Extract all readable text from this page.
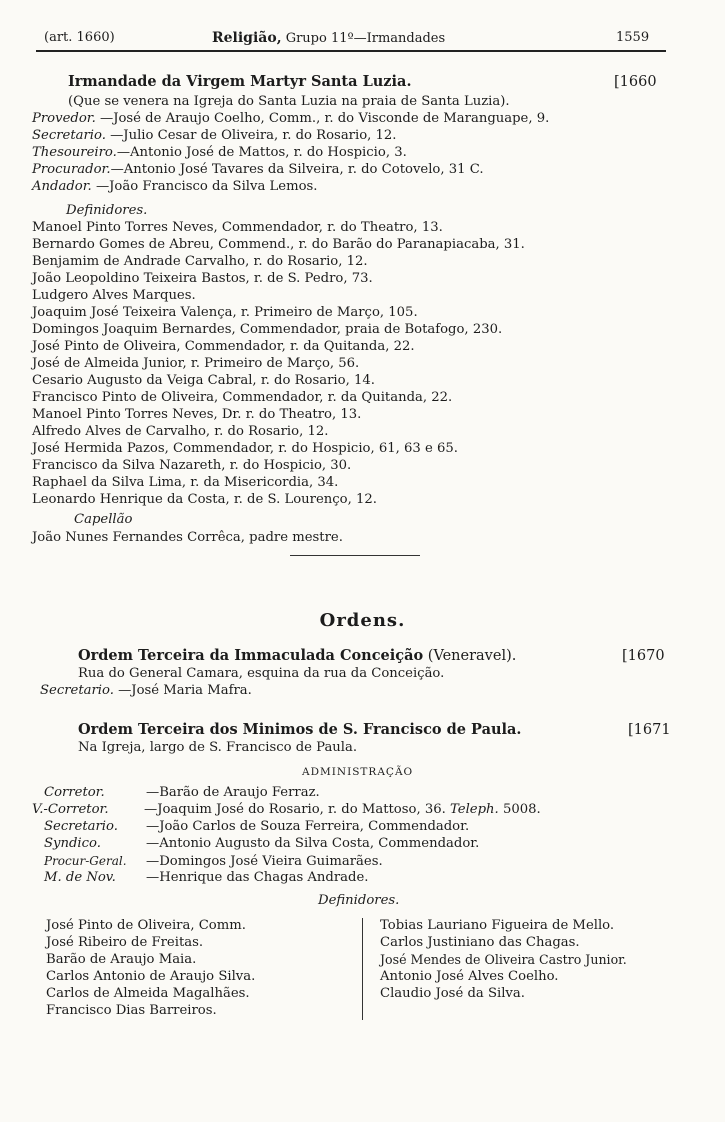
(art. 1660)	Religião, Grupo 11º—Irmandades	1559
Irmandade da Virgem Martyr Santa Luzia.	[1660
(Que se venera na Igreja do Santa Luzia na praia de Santa Luzia).
Provedor. —José de Araujo Coelho, Comm., r. do Visconde de Maranguape, 9.
Secretario. —Julio Cesar de Oliveira, r. do Rosario, 12.
Thesoureiro.—Antonio José de Mattos, r. do Hospicio, 3.
Procurador.—Antonio José Tavares da Silveira, r. do Cotovelo, 31 C.
Andador. —João Francisco da Silva Lemos.
Definidores.
Manoel Pinto Torres Neves, Commendador, r. do Theatro, 13.
Bernardo Gomes de Abreu, Commend., r. do Barão do Paranapiacaba, 31.
Benjamim de Andrade Carvalho, r. do Rosario, 12.
João Leopoldino Teixeira Bastos, r. de S. Pedro, 73.
Ludgero Alves Marques.
Joaquim José Teixeira Valença, r. Primeiro de Março, 105.
Domingos Joaquim Bernardes, Commendador, praia de Botafogo, 230.
José Pinto de Oliveira, Commendador, r. da Quitanda, 22.
José de Almeida Junior, r. Primeiro de Março, 56.
Cesario Augusto da Veiga Cabral, r. do Rosario, 14.
Francisco Pinto de Oliveira, Commendador, r. da Quitanda, 22.
Manoel Pinto Torres Neves, Dr. r. do Theatro, 13.
Alfredo Alves de Carvalho, r. do Rosario, 12.
José Hermida Pazos, Commendador, r. do Hospicio, 61, 63 e 65.
Francisco da Silva Nazareth, r. do Hospicio, 30.
Raphael da Silva Lima, r. da Misericordia, 34.
Leonardo Henrique da Costa, r. de S. Lourenço, 12.
Capellão
João Nunes Fernandes Corrêca, padre mestre.
Ordens.
Ordem Terceira da Immaculada Conceição (Veneravel).	[1670
Rua do General Camara, esquina da rua da Conceição.
Secretario. —José Maria Mafra.
Ordem Terceira dos Minimos de S. Francisco de Paula.	[1671
Na Igreja, largo de S. Francisco de Paula.
ADMINISTRAÇÃO
Corretor.	—Barão de Araujo Ferraz.
V.-Corretor.	—Joaquim José do Rosario, r. do Mattoso, 36. Teleph. 5008.
Secretario. —João Carlos de Souza Ferreira, Commendador.
Syndico.	—Antonio Augusto da Silva Costa, Commendador.
Procur-Geral. —Domingos José Vieira Guimarães.
M. de Nov. —Henrique das Chagas Andrade.
Definidores.
José Pinto de Oliveira, Comm.
José Ribeiro de Freitas.
Barão de Araujo Maia.
Carlos Antonio de Araujo Silva.
Carlos de Almeida Magalhães.
Francisco Dias Barreiros.
Tobias Lauriano Figueira de Mello.
Carlos Justiniano das Chagas.
José Mendes de Oliveira Castro Junior.
Antonio José Alves Coelho.
Claudio José da Silva.
